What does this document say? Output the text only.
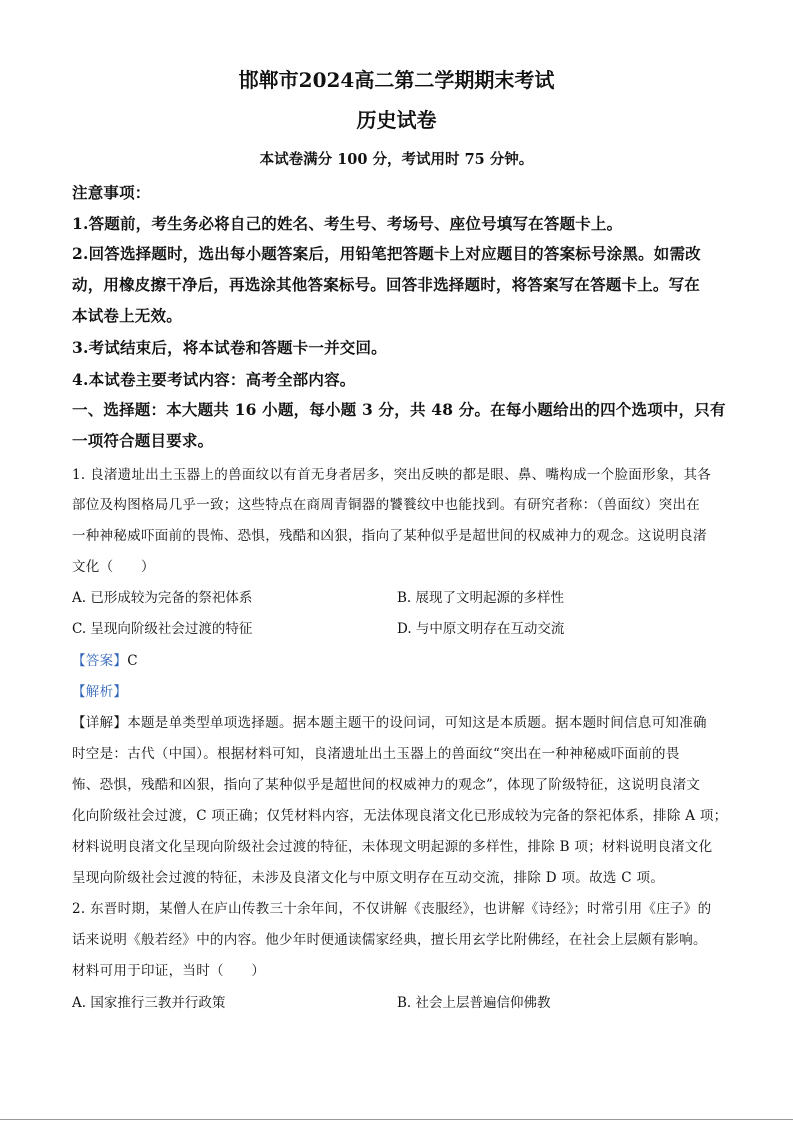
邯郸市2024高二第二学期期末考试
历史试卷
本试卷满分 100 分，考试用时 75 分钟。
注意事项：
1.答题前，考生务必将自己的姓名、考生号、考场号、座位号填写在答题卡上。
2.回答选择题时，选出每小题答案后，用铅笔把答题卡上对应题目的答案标号涂黑。如需改
动，用橡皮擦干净后，再选涂其他答案标号。回答非选择题时，将答案写在答题卡上。写在
本试卷上无效。
3.考试结束后，将本试卷和答题卡一并交回。
4.本试卷主要考试内容：高考全部内容。
一、选择题：本大题共 16 小题，每小题 3 分，共 48 分。在每小题给出的四个选项中，只有
一项符合题目要求。
1. 良渚遗址出土玉器上的兽面纹以有首无身者居多，突出反映的都是眼、鼻、嘴构成一个脸面形象，其各
部位及构图格局几乎一致；这些特点在商周青铜器的饕餮纹中也能找到。有研究者称：（兽面纹）突出在
一种神秘威吓面前的畏怖、恐惧，残酷和凶狠，指向了某种似乎是超世间的权威神力的观念。这说明良渚
文化（　　）
A. 已形成较为完备的祭祀体系	B. 展现了文明起源的多样性
C. 呈现向阶级社会过渡的特征	D. 与中原文明存在互动交流
【答案】C
【解析】
【详解】本题是单类型单项选择题。据本题主题干的设问词，可知这是本质题。据本题时间信息可知准确
时空是：古代（中国）。根据材料可知，良渚遗址出土玉器上的兽面纹“突出在一种神秘威吓面前的畏
怖、恐惧，残酷和凶狠，指向了某种似乎是超世间的权威神力的观念”，体现了阶级特征，这说明良渚文
化向阶级社会过渡，C 项正确；仅凭材料内容，无法体现良渚文化已形成较为完备的祭祀体系，排除 A 项；
材料说明良渚文化呈现向阶级社会过渡的特征，未体现文明起源的多样性，排除 B 项；材料说明良渚文化
呈现向阶级社会过渡的特征，未涉及良渚文化与中原文明存在互动交流，排除 D 项。故选 C 项。
2. 东晋时期，某僧人在庐山传教三十余年间，不仅讲解《丧服经》，也讲解《诗经》；时常引用《庄子》的
话来说明《般若经》中的内容。他少年时便通读儒家经典，擅长用玄学比附佛经，在社会上层颇有影响。
材料可用于印证，当时（　　）
A. 国家推行三教并行政策	B. 社会上层普遍信仰佛教
